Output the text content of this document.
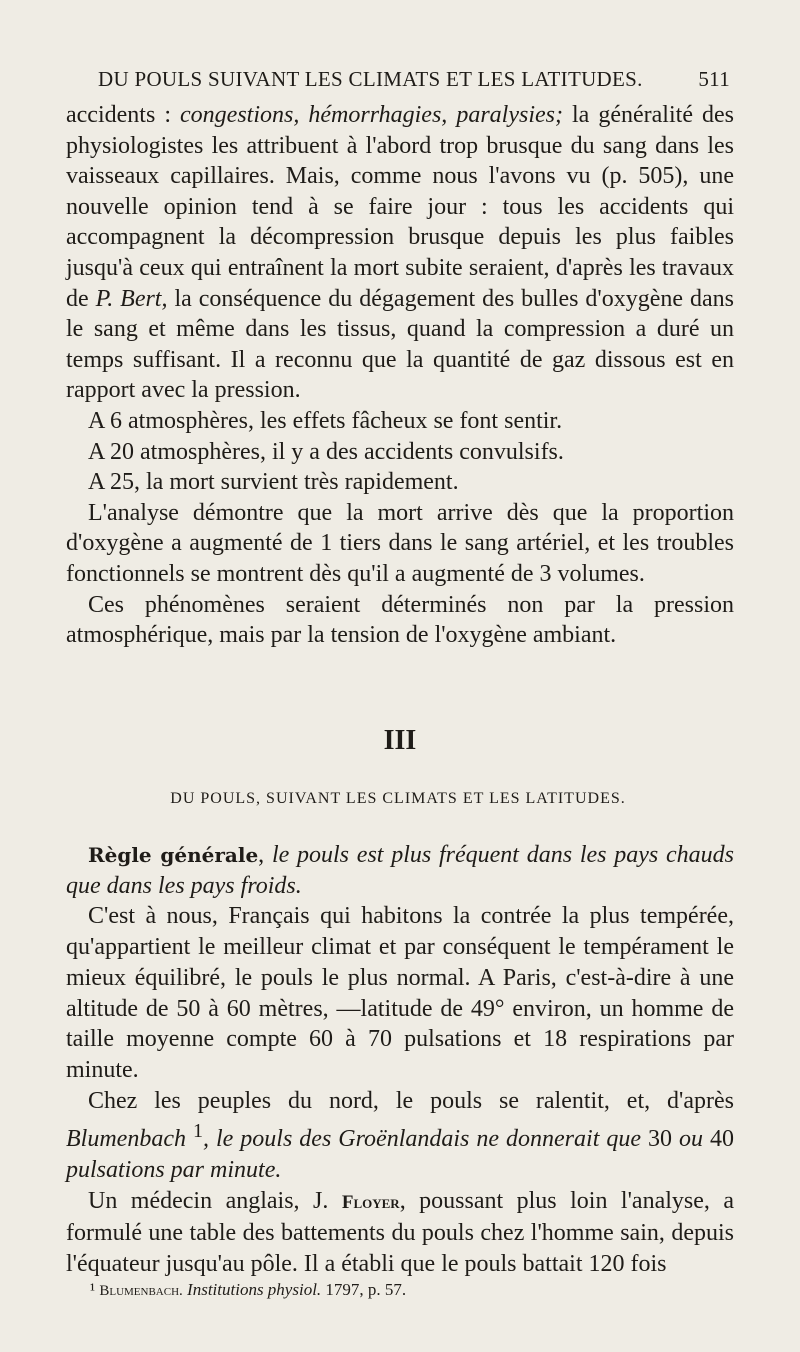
DU POULS SUIVANT LES CLIMATS ET LES LATITUDES.	511

accidents : congestions, hémorrhagies, paralysies; la généralité des physiologistes les attribuent à l'abord trop brusque du sang dans les vaisseaux capillaires. Mais, comme nous l'avons vu (p. 505), une nouvelle opinion tend à se faire jour : tous les accidents qui accompagnent la décompression brusque depuis les plus faibles jusqu'à ceux qui entraînent la mort subite seraient, d'après les travaux de P. Bert, la conséquence du dégagement des bulles d'oxygène dans le sang et même dans les tissus, quand la compression a duré un temps suffisant. Il a reconnu que la quantité de gaz dissous est en rapport avec la pression.

A 6 atmosphères, les effets fâcheux se font sentir.

A 20 atmosphères, il y a des accidents convulsifs.

A 25, la mort survient très rapidement.

L'analyse démontre que la mort arrive dès que la proportion d'oxygène a augmenté de 1 tiers dans le sang artériel, et les troubles fonctionnels se montrent dès qu'il a augmenté de 3 volumes.

Ces phénomènes seraient déterminés non par la pression atmosphérique, mais par la tension de l'oxygène ambiant.

III
DU POULS, SUIVANT LES CLIMATS ET LES LATITUDES.

Règle générale, le pouls est plus fréquent dans les pays chauds que dans les pays froids.

C'est à nous, Français qui habitons la contrée la plus tempérée, qu'appartient le meilleur climat et par conséquent le tempérament le mieux équilibré, le pouls le plus normal. A Paris, c'est-à-dire à une altitude de 50 à 60 mètres, —latitude de 49° environ, un homme de taille moyenne compte 60 à 70 pulsations et 18 respirations par minute.

Chez les peuples du nord, le pouls se ralentit, et, d'après Blumenbach $^1$, le pouls des Groënlandais ne donnerait que 30 ou 40 pulsations par minute.

Un médecin anglais, J. Floyer, poussant plus loin l'analyse, a formulé une table des battements du pouls chez l'homme sain, depuis l'équateur jusqu'au pôle. Il a établi que le pouls battait 120 fois

¹ Blumenbach. Institutions physiol. 1797, p. 57.
